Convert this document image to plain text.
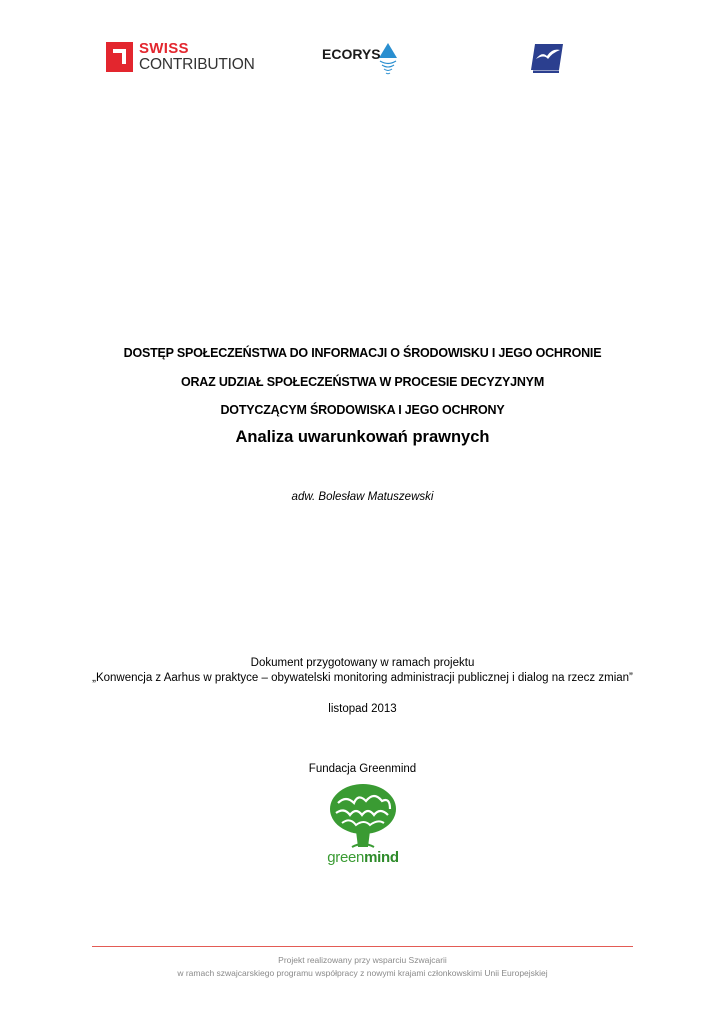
SWISS
CONTRIBUTION
ECORYS
DOSTĘP SPOŁECZEŃSTWA DO INFORMACJI O ŚRODOWISKU I JEGO OCHRONIE
ORAZ UDZIAŁ SPOŁECZEŃSTWA W PROCESIE DECYZYJNYM
DOTYCZĄCYM ŚRODOWISKA I JEGO OCHRONY
Analiza uwarunkowań prawnych
adw. Bolesław Matuszewski
Dokument przygotowany w ramach projektu
„Konwencja z Aarhus w praktyce – obywatelski monitoring administracji publicznej i dialog na rzecz zmian”
listopad 2013
Fundacja Greenmind
greenmind
Projekt realizowany przy wsparciu Szwajcarii
w ramach szwajcarskiego programu współpracy z nowymi krajami członkowskimi Unii Europejskiej
